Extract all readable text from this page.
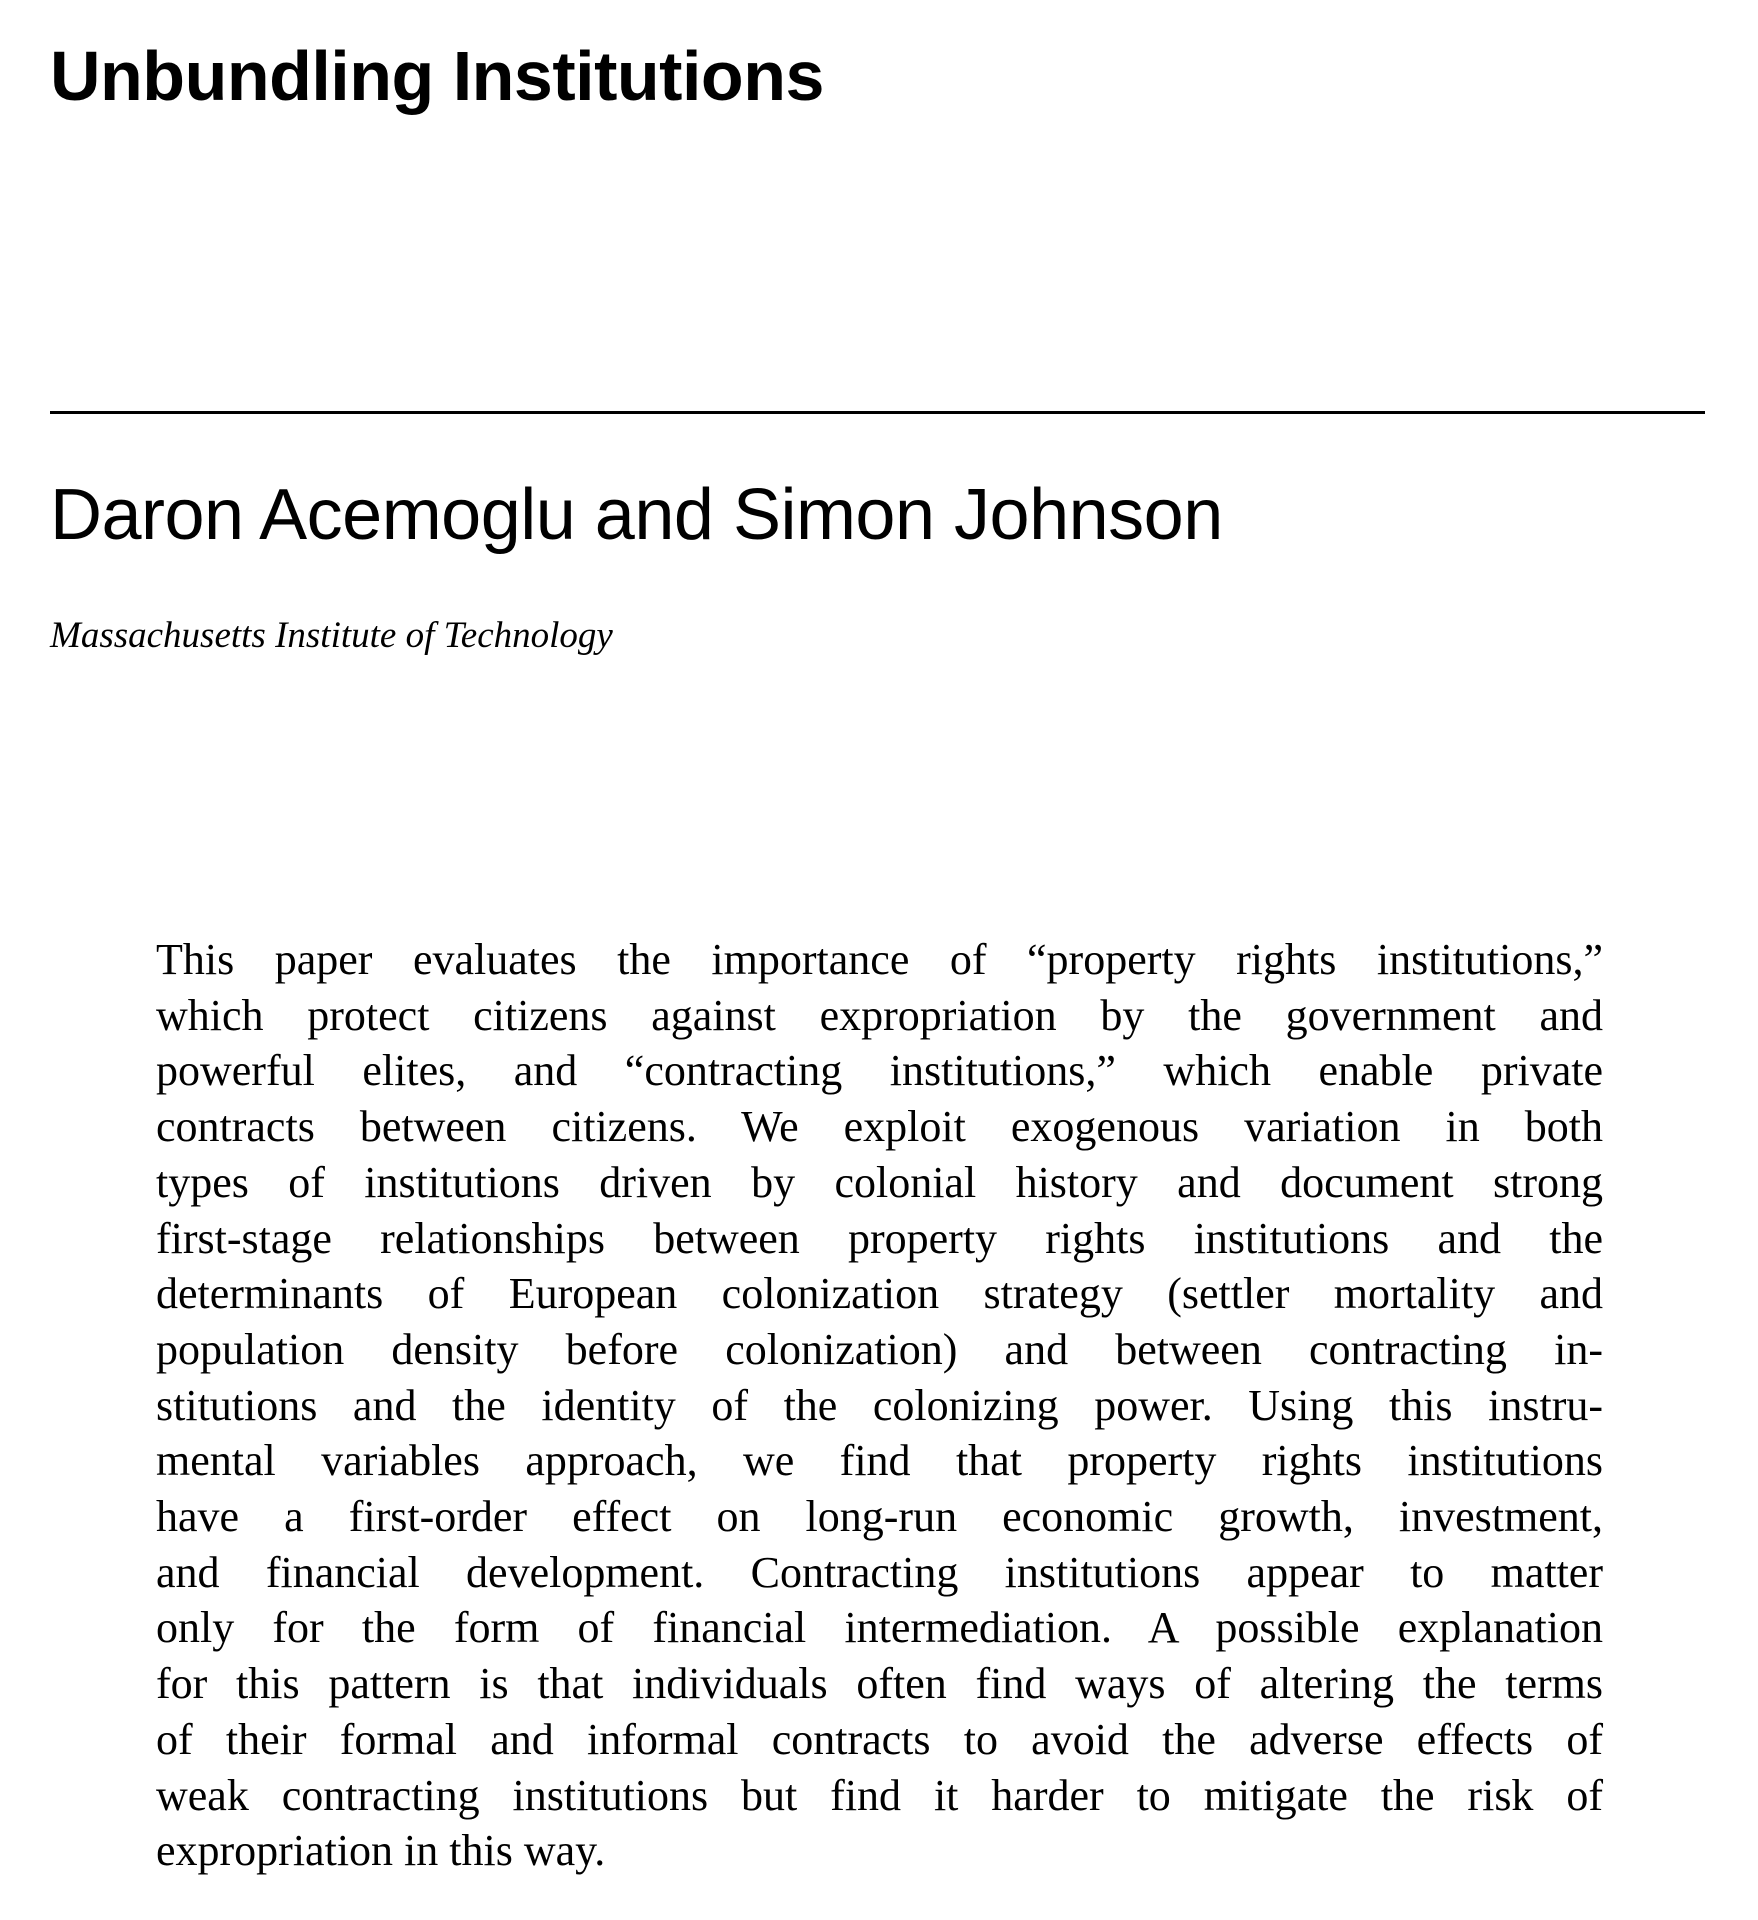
Unbundling Institutions
Daron Acemoglu and Simon Johnson

Massachusetts Institute of Technology

This paper evaluates the importance of “property rights institutions,”
which protect citizens against expropriation by the government and
powerful elites, and “contracting institutions,” which enable private
contracts between citizens. We exploit exogenous variation in both
types of institutions driven by colonial history and document strong
first-stage relationships between property rights institutions and the
determinants of European colonization strategy (settler mortality and
population density before colonization) and between contracting in-
stitutions and the identity of the colonizing power. Using this instru-
mental variables approach, we find that property rights institutions
have a first-order effect on long-run economic growth, investment,
and financial development. Contracting institutions appear to matter
only for the form of financial intermediation. A possible explanation
for this pattern is that individuals often find ways of altering the terms
of their formal and informal contracts to avoid the adverse effects of
weak contracting institutions but find it harder to mitigate the risk of
expropriation in this way.
